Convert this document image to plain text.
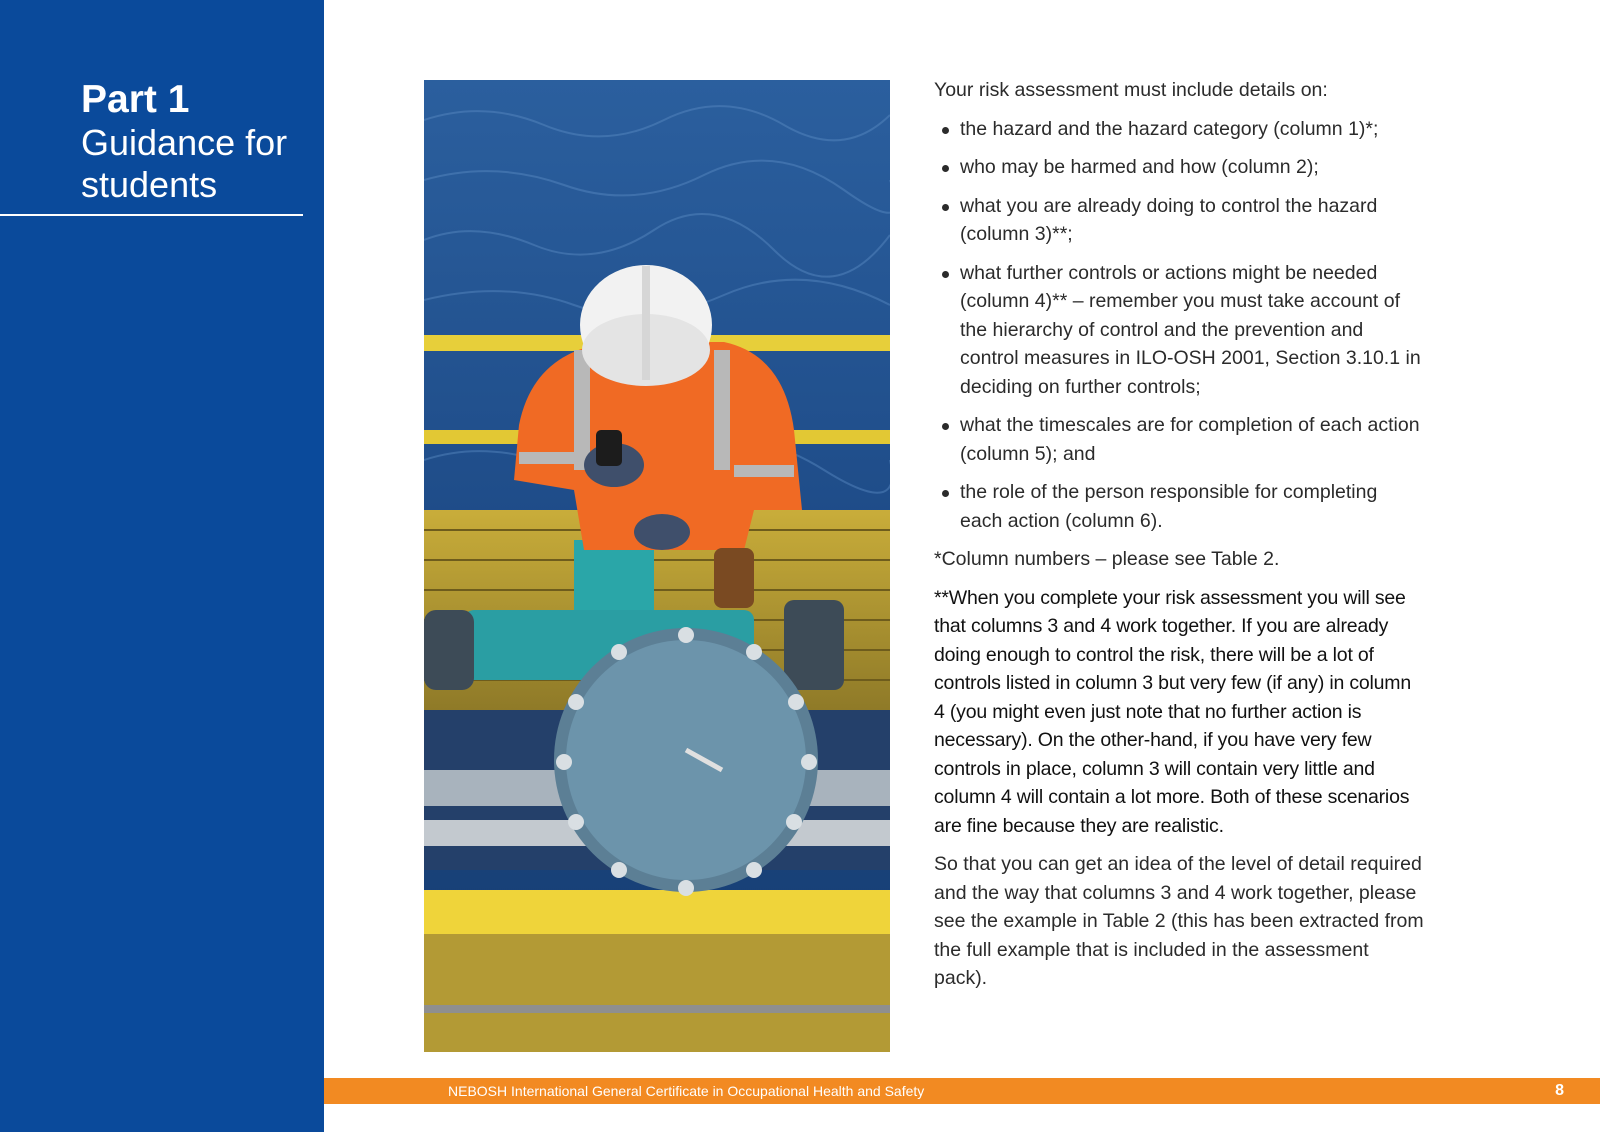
Part 1
Guidance for
students

Your risk assessment must include details on:

the hazard and the hazard category (column 1)*;
who may be harmed and how (column 2);
what you are already doing to control the hazard (column 3)**;
what further controls or actions might be needed (column 4)** – remember you must take account of the hierarchy of control and the prevention and control measures in ILO-OSH 2001, Section 3.10.1 in deciding on further controls;
what the timescales are for completion of each action (column 5); and
the role of the person responsible for completing each action (column 6).

*Column numbers – please see Table 2.

**When you complete your risk assessment you will see that columns 3 and 4 work together. If you are already doing enough to control the risk, there will be a lot of controls listed in column 3 but very few (if any) in column 4 (you might even just note that no further action is necessary). On the other-hand, if you have very few controls in place, column 3 will contain very little and column 4 will contain a lot more. Both of these scenarios are fine because they are realistic.

So that you can get an idea of the level of detail required and the way that columns 3 and 4 work together, please see the example in Table 2 (this has been extracted from the full example that is included in the assessment pack).

NEBOSH International General Certificate in Occupational Health and Safety	8
